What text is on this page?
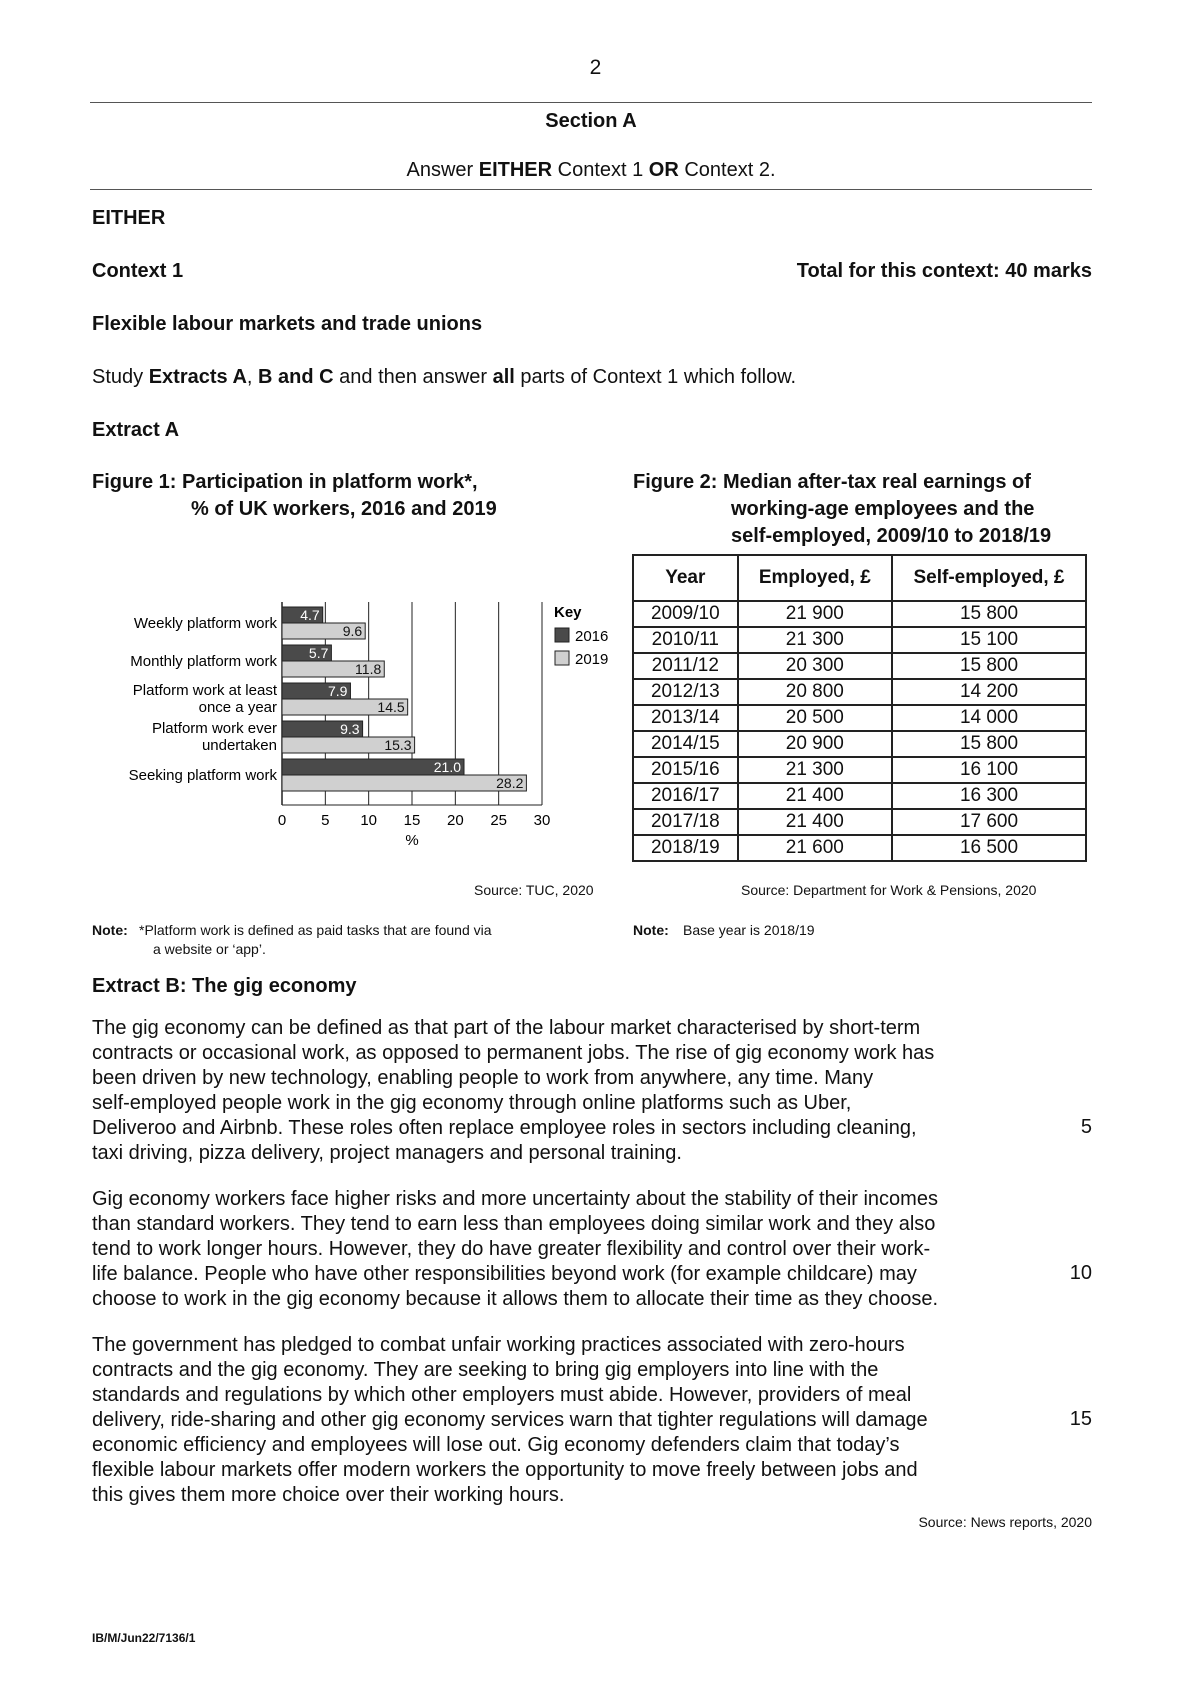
2
Section A
Answer EITHER Context 1 OR Context 2.
EITHER
Context 1	Total for this context: 40 marks
Flexible labour markets and trade unions
Study Extracts A, B and C and then answer all parts of Context 1 which follow.
Extract A
Figure 1: Participation in platform work*,
% of UK workers, 2016 and 2019
4.7
9.6
5.7
11.8
7.9
14.5
9.3
15.3
21.0
28.2
Weekly platform work
Monthly platform work
Platform work at least
once a year
Platform work ever
undertaken
Seeking platform work
0 5 10 15 20 25 30
%
Key
2016
2019
Source: TUC, 2020
Note: *Platform work is defined as paid tasks that are found via
a website or ‘app’.
Figure 2: Median after-tax real earnings of
working-age employees and the
self-employed, 2009/10 to 2018/19
Year	Employed, £	Self-employed, £
2009/10	21 900	15 800
2010/11	21 300	15 100
2011/12	20 300	15 800
2012/13	20 800	14 200
2013/14	20 500	14 000
2014/15	20 900	15 800
2015/16	21 300	16 100
2016/17	21 400	16 300
2017/18	21 400	17 600
2018/19	21 600	16 500
Source: Department for Work & Pensions, 2020
Note: Base year is 2018/19
Extract B: The gig economy
The gig economy can be defined as that part of the labour market characterised by short-term
contracts or occasional work, as opposed to permanent jobs. The rise of gig economy work has
been driven by new technology, enabling people to work from anywhere, any time. Many
self-employed people work in the gig economy through online platforms such as Uber,
Deliveroo and Airbnb. These roles often replace employee roles in sectors including cleaning,
taxi driving, pizza delivery, project managers and personal training.
Gig economy workers face higher risks and more uncertainty about the stability of their incomes
than standard workers. They tend to earn less than employees doing similar work and they also
tend to work longer hours. However, they do have greater flexibility and control over their work-
life balance. People who have other responsibilities beyond work (for example childcare) may
choose to work in the gig economy because it allows them to allocate their time as they choose.
The government has pledged to combat unfair working practices associated with zero-hours
contracts and the gig economy. They are seeking to bring gig employers into line with the
standards and regulations by which other employers must abide. However, providers of meal
delivery, ride-sharing and other gig economy services warn that tighter regulations will damage
economic efficiency and employees will lose out. Gig economy defenders claim that today’s
flexible labour markets offer modern workers the opportunity to move freely between jobs and
this gives them more choice over their working hours.
5
10
15
Source: News reports, 2020
IB/M/Jun22/7136/1
